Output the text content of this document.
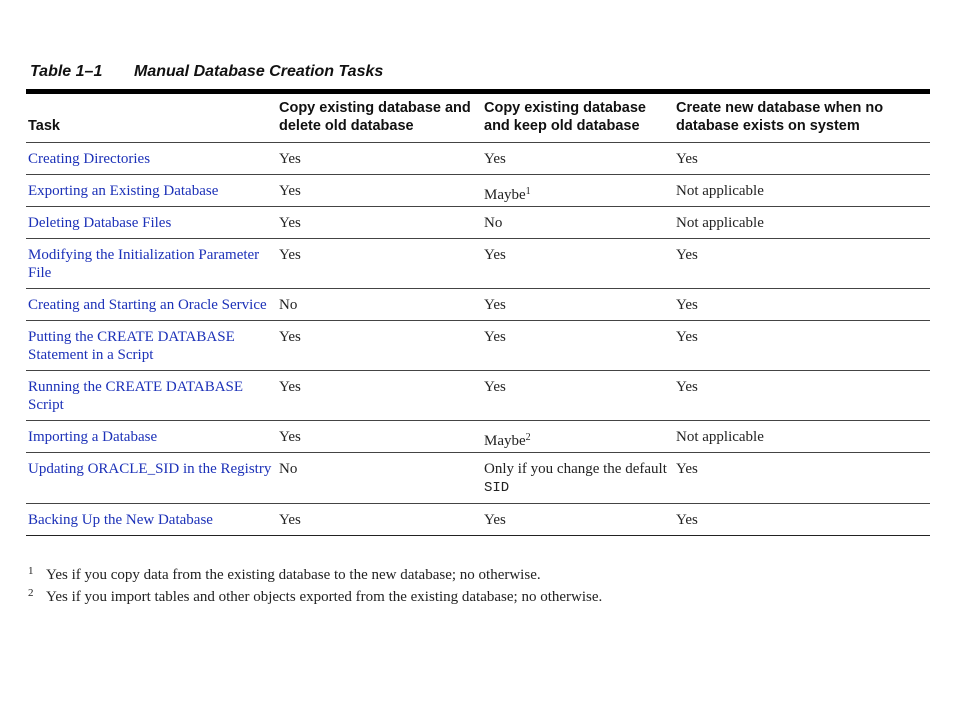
Table 1–1 Manual Database Creation Tasks
Task	Copy existing database and delete old database	Copy existing database and keep old database	Create new database when no database exists on system
Creating Directories	Yes	Yes	Yes
Exporting an Existing Database	Yes	Maybe$^1$	Not applicable
Deleting Database Files	Yes	No	Not applicable
Modifying the Initialization Parameter File	Yes	Yes	Yes
Creating and Starting an Oracle Service	No	Yes	Yes
Putting the CREATE DATABASE Statement in a Script	Yes	Yes	Yes
Running the CREATE DATABASE Script	Yes	Yes	Yes
Importing a Database	Yes	Maybe$^2$	Not applicable
Updating ORACLE_SID in the Registry	No	Only if you change the default SID	Yes
Backing Up the New Database	Yes	Yes	Yes
1 Yes if you copy data from the existing database to the new database; no otherwise.
2 Yes if you import tables and other objects exported from the existing database; no otherwise.
